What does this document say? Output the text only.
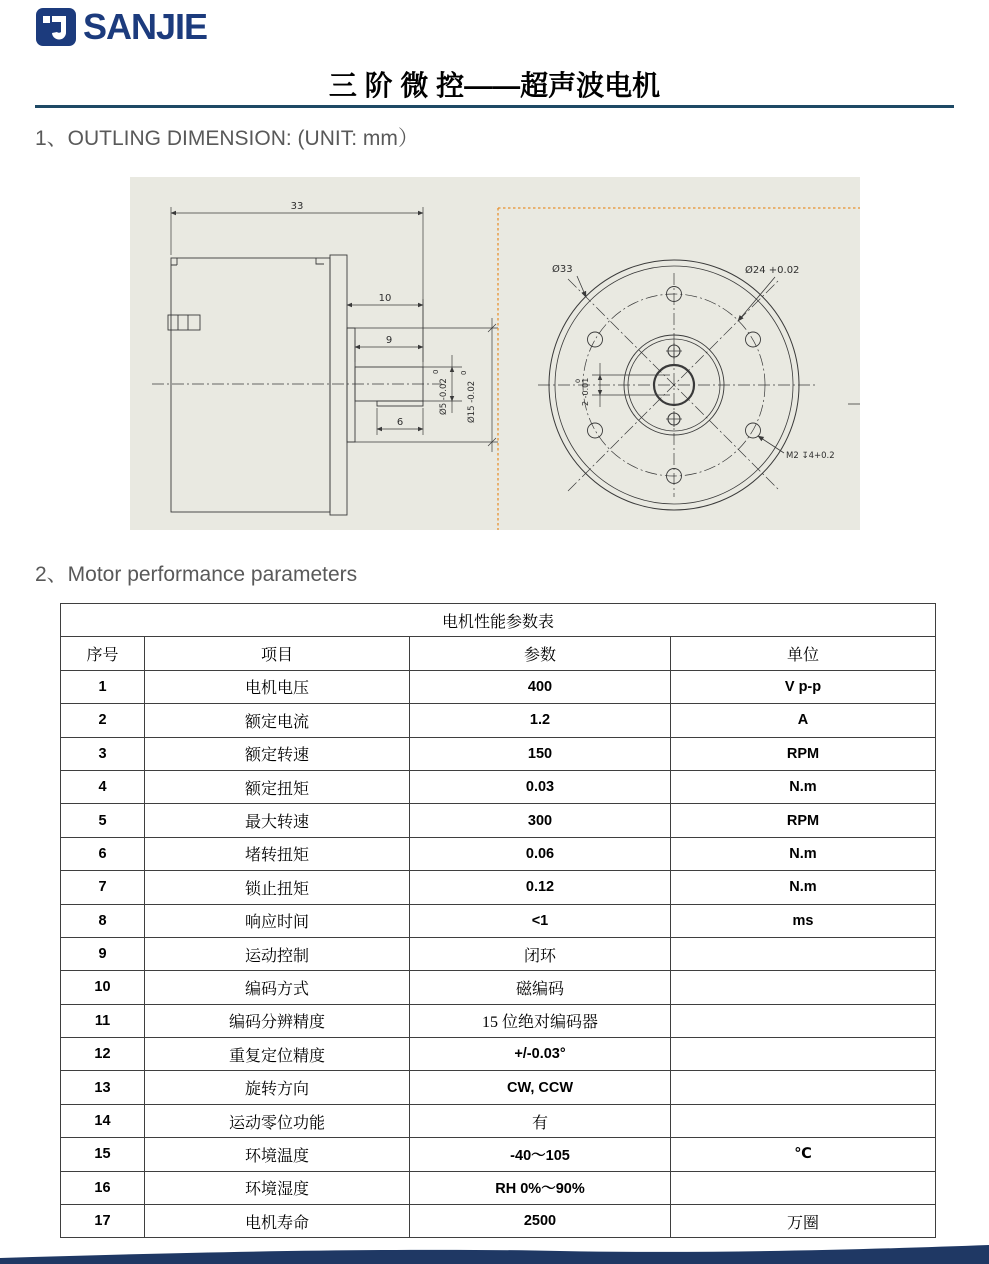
SANJIE
三 阶 微 控——超声波电机
1、OUTLING DIMENSION: (UNIT: mm）
33
10
9
6
Ø5 -0.02
0
Ø15 -0.02
0
Ø33	Ø24 +0.02
M2 ↧4+0.2
2 -0.01
0
2、Motor performance parameters
电机性能参数表			
序号	项目	参数	单位
1	电机电压	400	V p-p
2	额定电流	1.2	A
3	额定转速	150	RPM
4	额定扭矩	0.03	N.m
5	最大转速	300	RPM
6	堵转扭矩	0.06	N.m
7	锁止扭矩	0.12	N.m
8	响应时间	<1	ms
9	运动控制	闭环	
10	编码方式	磁编码	
11	编码分辨精度	15 位绝对编码器	
12	重复定位精度	+/-0.03°	
13	旋转方向	CW, CCW	
14	运动零位功能	有	
15	环境温度	-40～105	℃
16	环境湿度	RH 0%～90%	
17	电机寿命	2500	万圈
